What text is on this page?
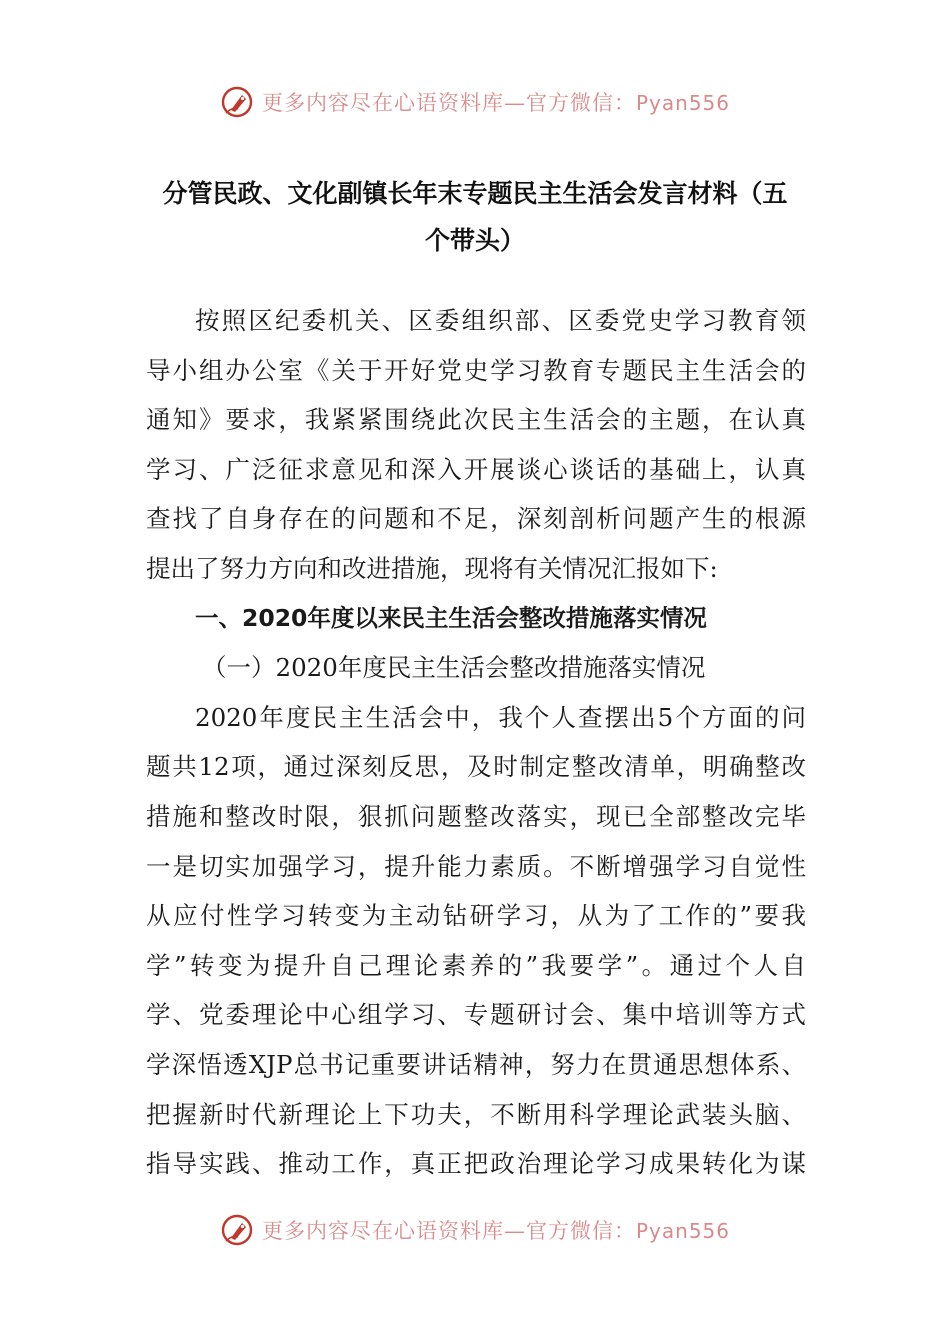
更多内容尽在心语资料库—官方微信：Pyan556
分管民政、文化副镇长年末专题民主生活会发言材料（五
个带头）
按照区纪委机关、区委组织部、区委党史学习教育领
导小组办公室《关于开好党史学习教育专题民主生活会的
通知》要求，我紧紧围绕此次民主生活会的主题，在认真
学习、广泛征求意见和深入开展谈心谈话的基础上，认真
查找了自身存在的问题和不足，深刻剖析问题产生的根源
提出了努力方向和改进措施，现将有关情况汇报如下:
一、2020年度以来民主生活会整改措施落实情况
（一）2020年度民主生活会整改措施落实情况
2020年度民主生活会中，我个人查摆出5个方面的问
题共12项，通过深刻反思，及时制定整改清单，明确整改
措施和整改时限，狠抓问题整改落实，现已全部整改完毕
一是切实加强学习，提升能力素质。不断增强学习自觉性
从应付性学习转变为主动钻研学习，从为了工作的”要我
学”转变为提升自己理论素养的”我要学”。通过个人自
学、党委理论中心组学习、专题研讨会、集中培训等方式
学深悟透XJP总书记重要讲话精神，努力在贯通思想体系、
把握新时代新理论上下功夫，不断用科学理论武装头脑、
指导实践、推动工作，真正把政治理论学习成果转化为谋
更多内容尽在心语资料库—官方微信：Pyan556
